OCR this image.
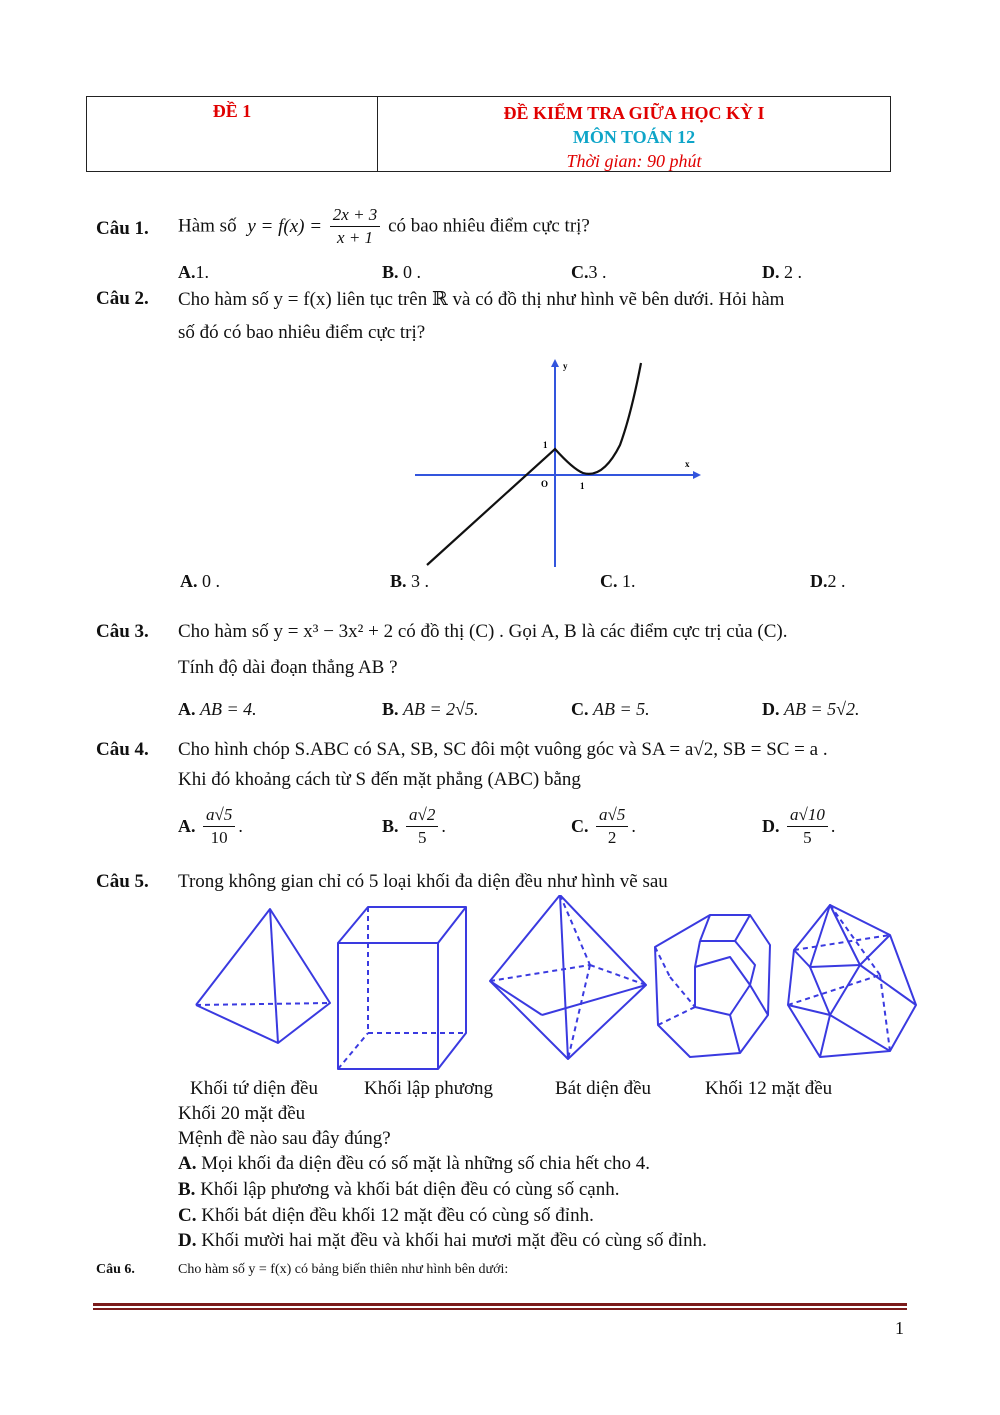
ĐỀ 1	ĐỀ KIỂM TRA GIỮA HỌC KỲ I
MÔN TOÁN 12
Thời gian: 90 phút
Câu 1. Hàm số $y = f(x) = \frac{2x + 3}{x + 1}$ có bao nhiêu điểm cực trị?
A.1.	B. 0 .	C.3 .	D. 2 .
Câu 2. Cho hàm số y = f(x) liên tục trên ℝ và có đồ thị như hình vẽ bên dưới. Hỏi hàm
số đó có bao nhiêu điểm cực trị?
y
x
O
1
1
A. 0 .	B. 3 .	C. 1.	D.2 .
Câu 3. Cho hàm số y = x³ − 3x² + 2 có đồ thị (C) . Gọi A, B là các điểm cực trị của (C).
Tính độ dài đoạn thẳng AB ?
A. AB = 4.	B. AB = 2√5.	C. AB = 5.	D. AB = 5√2.
Câu 4. Cho hình chóp S.ABC có SA, SB, SC đôi một vuông góc và SA = a√2, SB = SC = a .
Khi đó khoảng cách từ S đến mặt phẳng (ABC) bằng
A. $\frac{a√5}{10}$ .	B. $\frac{a√2}{5}$ .	C. $\frac{a√5}{2}$ .	D. $\frac{a√10}{5}$ .
Câu 5. Trong không gian chỉ có 5 loại khối đa diện đều như hình vẽ sau
Khối tứ diện đều Khối lập phương	Bát diện đều	Khối 12 mặt đều
Khối 20 mặt đều
Mệnh đề nào sau đây đúng?
A. Mọi khối đa diện đều có số mặt là những số chia hết cho 4.
B. Khối lập phương và khối bát diện đều có cùng số cạnh.
C. Khối bát diện đều khối 12 mặt đều có cùng số đỉnh.
D. Khối mười hai mặt đều và khối hai mươi mặt đều có cùng số đỉnh.
Câu 6.	Cho hàm số y = f(x) có bảng biến thiên như hình bên dưới:
1
